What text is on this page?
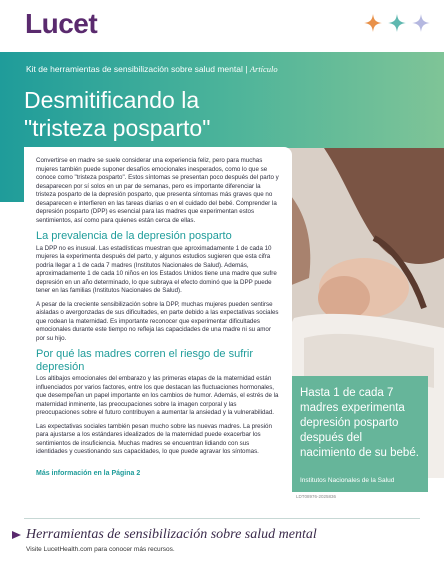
Lucet
Kit de herramientas de sensibilización sobre salud mental | Artículo
Desmitificando la
"tristeza posparto"
Hasta 1 de cada 7 madres experimenta depresión posparto después del nacimiento de su bebé.
Institutos Nacionales de la Salud
LDT08976-2025836

Convertirse en madre se suele considerar una experiencia feliz, pero para muchas mujeres también puede suponer desafíos emocionales inesperados, como lo que se conoce como "tristeza posparto". Estos síntomas se presentan poco después del parto y desaparecen por sí solos en un par de semanas, pero es importante diferenciar la tristeza posparto de la depresión posparto, que presenta síntomas más graves que no desaparecen e interfieren en las tareas diarias o en el cuidado del bebé. Comprender la depresión posparto (DPP) es esencial para las madres que experimentan estos sentimientos, así como para quienes están cerca de ellas.

La prevalencia de la depresión posparto

La DPP no es inusual. Las estadísticas muestran que aproximadamente 1 de cada 10 mujeres la experimenta después del parto, y algunos estudios sugieren que esta cifra podría llegar a 1 de cada 7 madres (Institutos Nacionales de Salud). Además, aproximadamente 1 de cada 10 niños en los Estados Unidos tiene una madre que sufre depresión en un año determinado, lo que subraya el efecto dominó que la DPP puede tener en las familias (Institutos Nacionales de Salud).

A pesar de la creciente sensibilización sobre la DPP, muchas mujeres pueden sentirse aisladas o avergonzadas de sus dificultades, en parte debido a las expectativas sociales que rodean la maternidad. Es importante reconocer que experimentar dificultades emocionales durante este tiempo no refleja las capacidades de una madre ni su amor por su hijo.

Por qué las madres corren el riesgo de sufrir depresión

Los altibajos emocionales del embarazo y las primeras etapas de la maternidad están influenciados por varios factores, entre los que destacan las fluctuaciones hormonales, que desempeñan un papel importante en los cambios de humor. Además, el estrés de la maternidad inminente, las preocupaciones sobre la imagen corporal y las preocupaciones sobre el futuro contribuyen a aumentar la ansiedad y la vulnerabilidad.

Las expectativas sociales también pesan mucho sobre las nuevas madres. La presión para ajustarse a los estándares idealizados de la maternidad puede exacerbar los sentimientos de insuficiencia. Muchas madres se encuentran lidiando con sus identidades y cuestionando sus capacidades, lo que puede agravar los síntomas.

Más información en la Página 2
Herramientas de sensibilización sobre salud mental
Visite LucetHealth.com para conocer más recursos.
